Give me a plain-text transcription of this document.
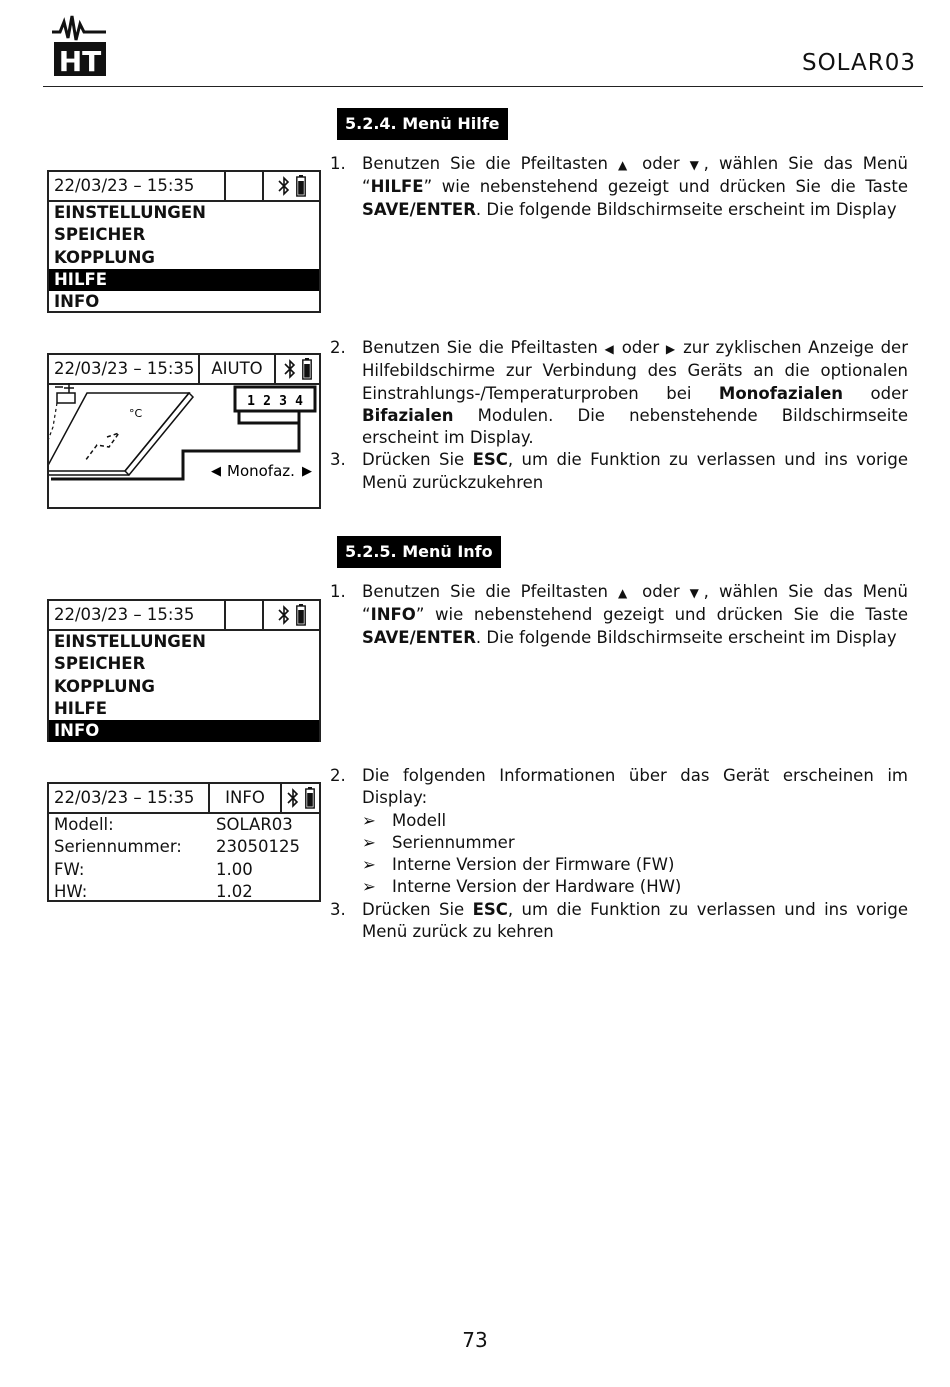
HT	SOLAR03
5.2.4. Menü Hilfe
22/03/23 – 15:35
EINSTELLUNGEN
SPEICHER
KOPPLUNG
HILFE
INFO
1. Benutzen Sie die Pfeiltasten ▲ oder ▼, wählen Sie das Menü “HILFE” wie nebenstehend gezeigt und drücken Sie die Taste SAVE/ENTER. Die folgende Bildschirmseite erscheint im Display
22/03/23 – 15:35	AIUTO
1 2 3 4
°C
◀ Monofaz. ▶
2. Benutzen Sie die Pfeiltasten ◀ oder ▶ zur zyklischen Anzeige der Hilfebildschirme zur Verbindung des Geräts an die optionalen Einstrahlungs-/Temperaturproben bei Monofazialen oder Bifazialen Modulen. Die nebenstehende Bildschirmseite erscheint im Display.
3. Drücken Sie ESC, um die Funktion zu verlassen und ins vorige Menü zurückzukehren
5.2.5. Menü Info
22/03/23 – 15:35
EINSTELLUNGEN
SPEICHER
KOPPLUNG
HILFE
INFO
1. Benutzen Sie die Pfeiltasten ▲ oder ▼, wählen Sie das Menü “INFO” wie nebenstehend gezeigt und drücken Sie die Taste SAVE/ENTER. Die folgende Bildschirmseite erscheint im Display
22/03/23 – 15:35	INFO
Modell:	SOLAR03
Seriennummer:	23050125
FW:	1.00
HW:	1.02
2. Die folgenden Informationen über das Gerät erscheinen im Display:
➢ Modell
➢ Seriennummer
➢ Interne Version der Firmware (FW)
➢ Interne Version der Hardware (HW)
3. Drücken Sie ESC, um die Funktion zu verlassen und ins vorige Menü zurück zu kehren
73
